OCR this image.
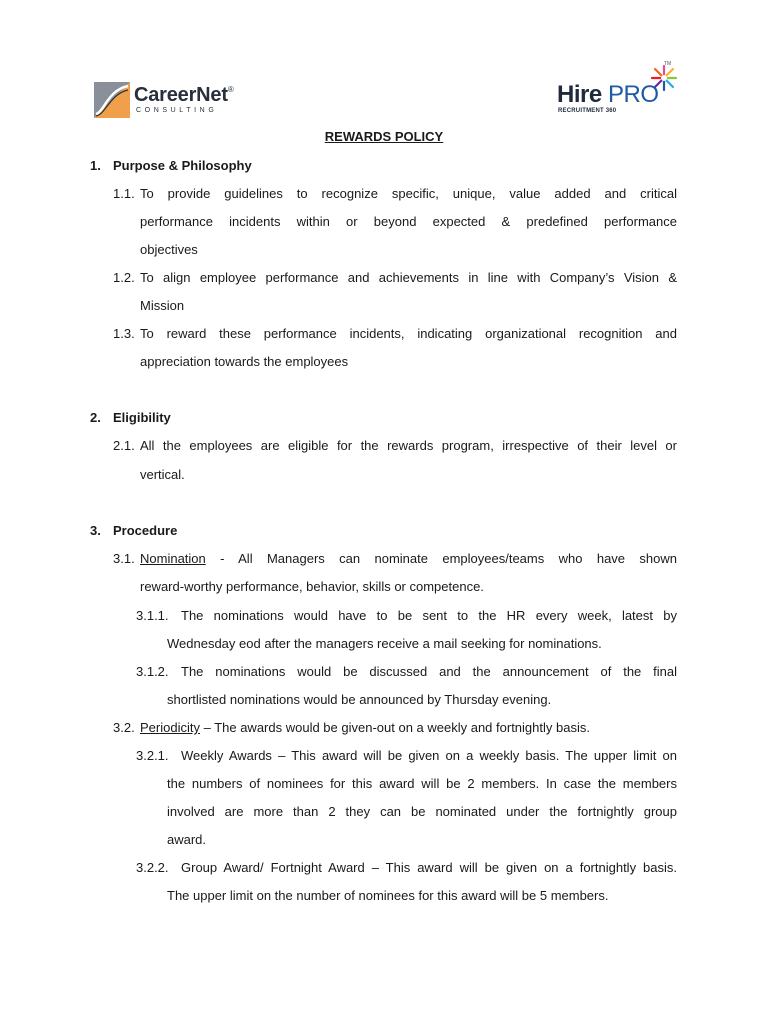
CareerNet®
CONSULTING
TM
Hire PRO
RECRUITMENT 360
REWARDS POLICY
1. Purpose & Philosophy
1.1. To provide guidelines to recognize specific, unique, value added and critical
performance incidents within or beyond expected & predefined performance
objectives
1.2. To align employee performance and achievements in line with Company’s Vision &
Mission
1.3. To reward these performance incidents, indicating organizational recognition and
appreciation towards the employees
2. Eligibility
2.1. All the employees are eligible for the rewards program, irrespective of their level or
vertical.
3. Procedure
3.1. Nomination - All Managers can nominate employees/teams who have shown
reward-worthy performance, behavior, skills or competence.
3.1.1. The nominations would have to be sent to the HR every week, latest by
Wednesday eod after the managers receive a mail seeking for nominations.
3.1.2. The nominations would be discussed and the announcement of the final
shortlisted nominations would be announced by Thursday evening.
3.2. Periodicity – The awards would be given-out on a weekly and fortnightly basis.
3.2.1. Weekly Awards – This award will be given on a weekly basis. The upper limit on
the numbers of nominees for this award will be 2 members. In case the members
involved are more than 2 they can be nominated under the fortnightly group
award.
3.2.2. Group Award/ Fortnight Award – This award will be given on a fortnightly basis.
The upper limit on the number of nominees for this award will be 5 members.
